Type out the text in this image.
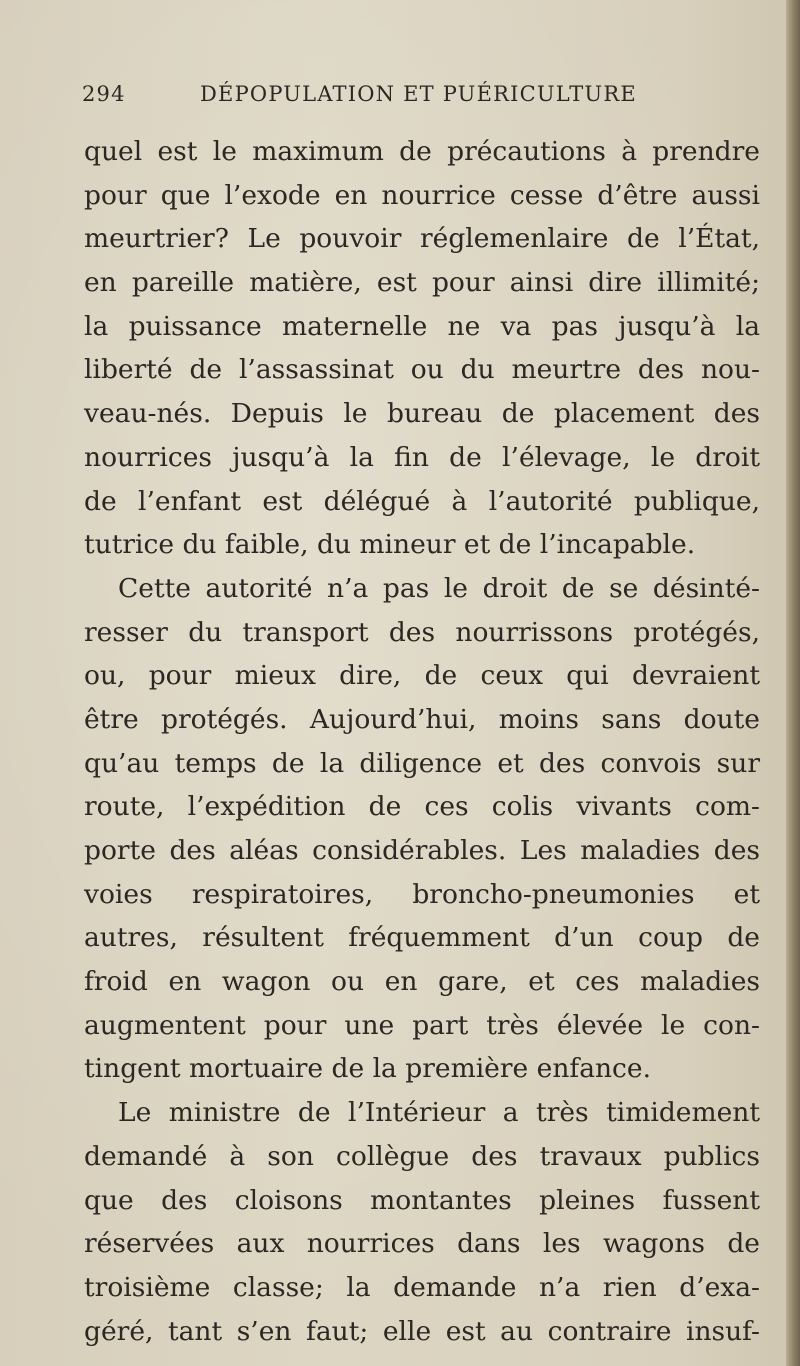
294	DÉPOPULATION ET PUÉRICULTURE
quel est le maximum de précautions à prendre
pour que l’exode en nourrice cesse d’être aussi
meurtrier? Le pouvoir réglemenlaire de l’État,
en pareille matière, est pour ainsi dire illimité;
la puissance maternelle ne va pas jusqu’à la
liberté de l’assassinat ou du meurtre des nou-
veau-nés. Depuis le bureau de placement des
nourrices jusqu’à la fin de l’élevage, le droit
de l’enfant est délégué à l’autorité publique,
tutrice du faible, du mineur et de l’incapable.
Cette autorité n’a pas le droit de se désinté-
resser du transport des nourrissons protégés,
ou, pour mieux dire, de ceux qui devraient
être protégés. Aujourd’hui, moins sans doute
qu’au temps de la diligence et des convois sur
route, l’expédition de ces colis vivants com-
porte des aléas considérables. Les maladies des
voies respiratoires, broncho-pneumonies et
autres, résultent fréquemment d’un coup de
froid en wagon ou en gare, et ces maladies
augmentent pour une part très élevée le con-
tingent mortuaire de la première enfance.
Le ministre de l’Intérieur a très timidement
demandé à son collègue des travaux publics
que des cloisons montantes pleines fussent
réservées aux nourrices dans les wagons de
troisième classe; la demande n’a rien d’exa-
géré, tant s’en faut; elle est au contraire insuf-
